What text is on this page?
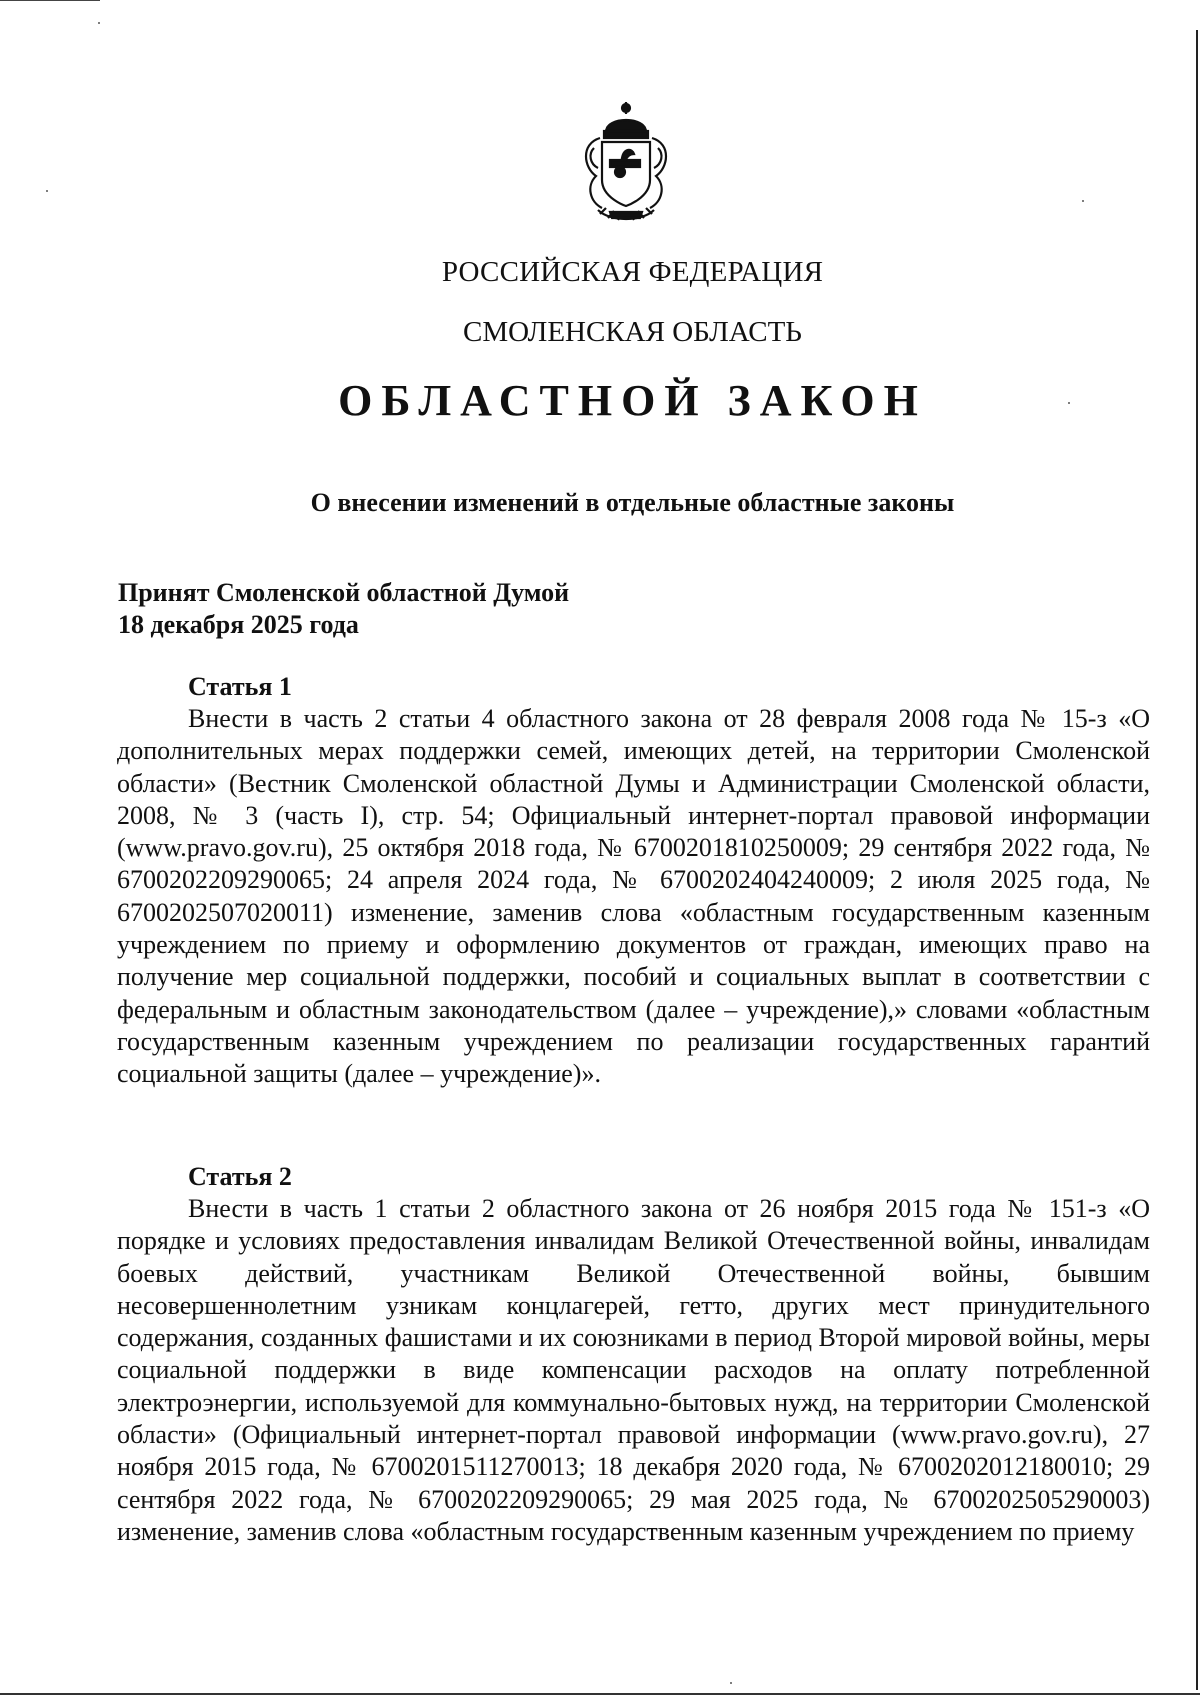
РОССИЙСКАЯ ФЕДЕРАЦИЯ
СМОЛЕНСКАЯ ОБЛАСТЬ
ОБЛАСТНОЙ ЗАКОН
О внесении изменений в отдельные областные законы
Принят Смоленской областной Думой
18 декабря 2025 года
Статья 1
Внести в часть 2 статьи 4 областного закона от 28 февраля 2008 года № 15-з «О дополнительных мерах поддержки семей, имеющих детей, на территории Смоленской области» (Вестник Смоленской областной Думы и Администрации Смоленской области, 2008, № 3 (часть I), стр. 54; Официальный интернет-портал правовой информации (www.pravo.gov.ru), 25 октября 2018 года, № 6700201810250009; 29 сентября 2022 года, № 6700202209290065; 24 апреля 2024 года, № 6700202404240009; 2 июля 2025 года, № 6700202507020011) изменение, заменив слова «областным государственным казенным учреждением по приему и оформлению документов от граждан, имеющих право на получение мер социальной поддержки, пособий и социальных выплат в соответствии с федеральным и областным законодательством (далее – учреждение),» словами «областным государственным казенным учреждением по реализации государственных гарантий социальной защиты (далее – учреждение)».
Статья 2
Внести в часть 1 статьи 2 областного закона от 26 ноября 2015 года № 151-з «О порядке и условиях предоставления инвалидам Великой Отечественной войны, инвалидам боевых действий, участникам Великой Отечественной войны, бывшим несовершеннолетним узникам концлагерей, гетто, других мест принудительного содержания, созданных фашистами и их союзниками в период Второй мировой войны, меры социальной поддержки в виде компенсации расходов на оплату потребленной электроэнергии, используемой для коммунально-бытовых нужд, на территории Смоленской области» (Официальный интернет-портал правовой информации (www.pravo.gov.ru), 27 ноября 2015 года, № 6700201511270013; 18 декабря 2020 года, № 6700202012180010; 29 сентября 2022 года, № 6700202209290065; 29 мая 2025 года, № 6700202505290003) изменение, заменив слова «областным государственным казенным учреждением по приему
